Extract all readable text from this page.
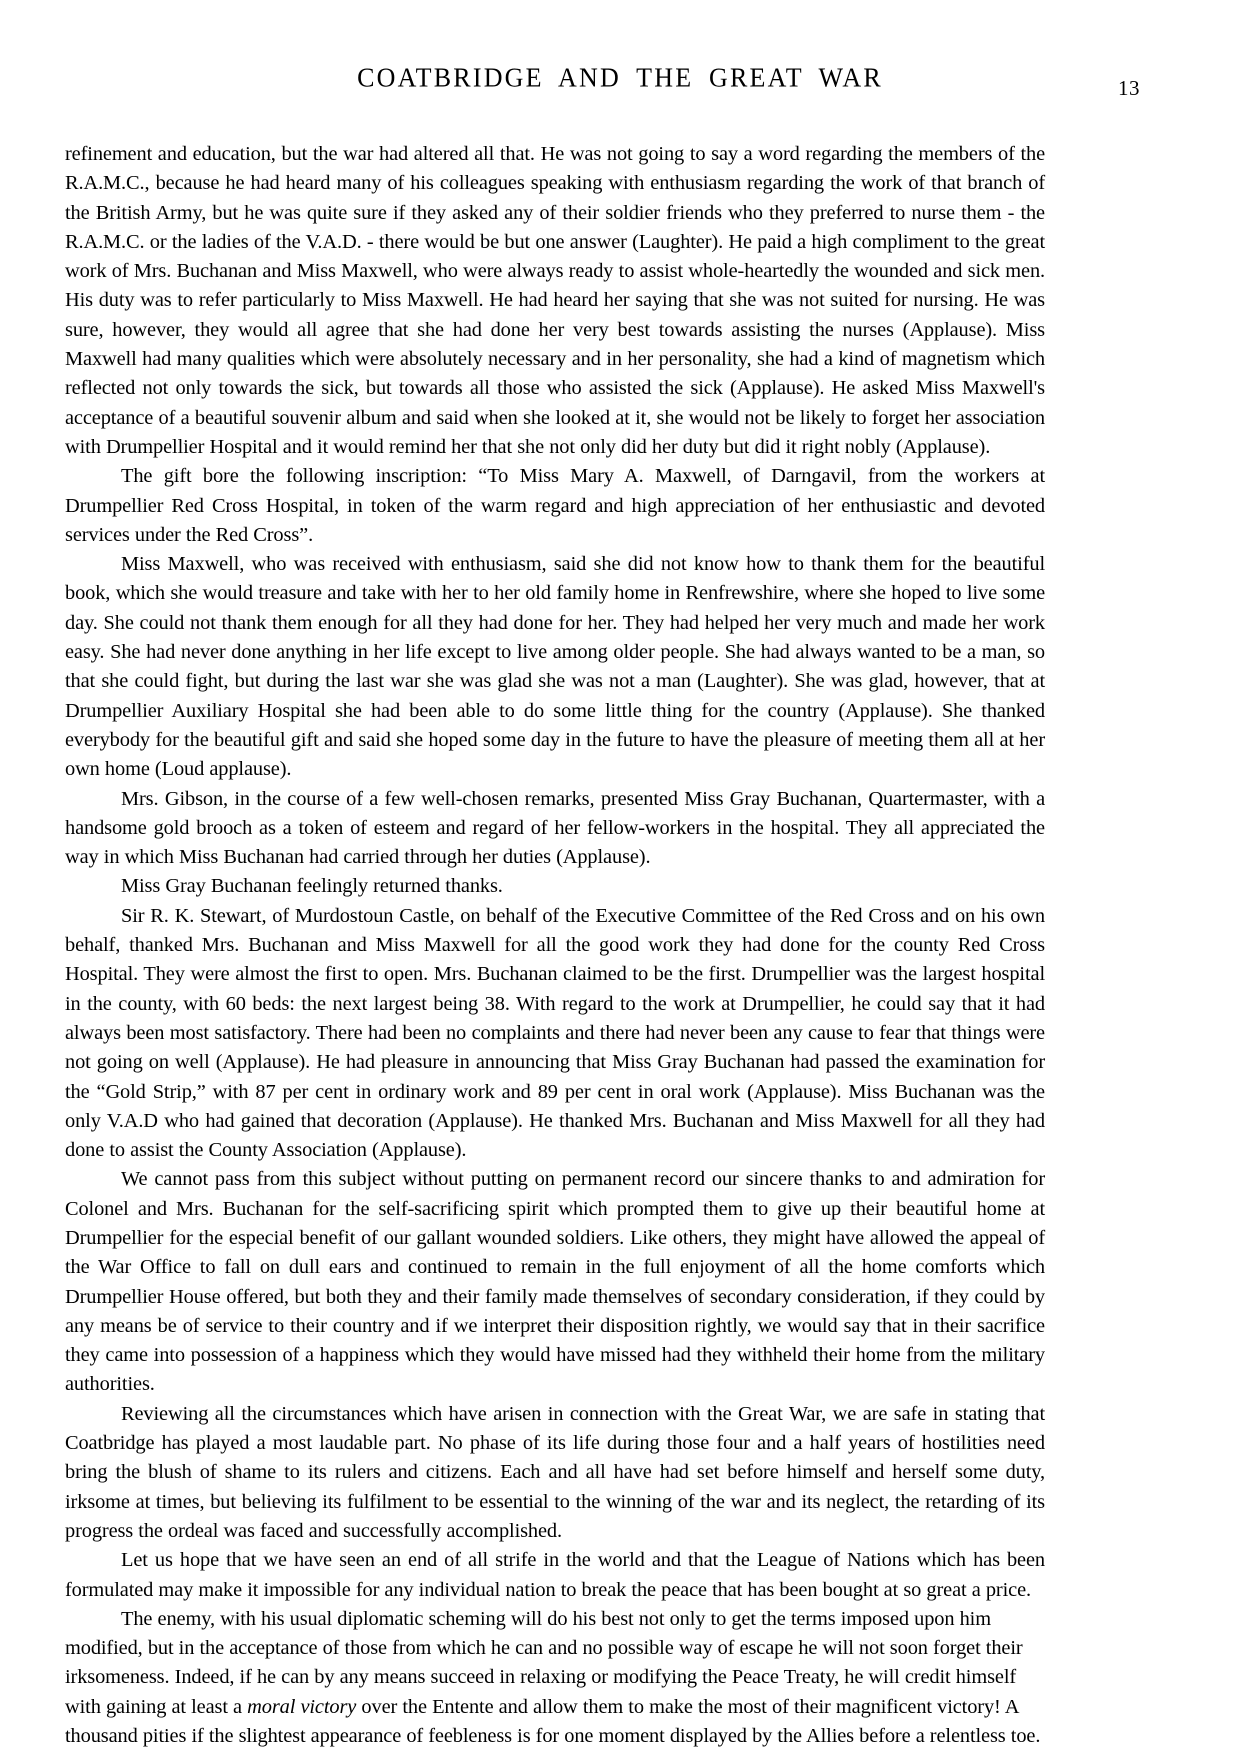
COATBRIDGE AND THE GREAT WAR	13

refinement and education, but the war had altered all that. He was not going to say a word regarding the members of the R.A.M.C., because he had heard many of his colleagues speaking with enthusiasm regarding the work of that branch of the British Army, but he was quite sure if they asked any of their soldier friends who they preferred to nurse them - the R.A.M.C. or the ladies of the V.A.D. - there would be but one answer (Laughter). He paid a high compliment to the great work of Mrs. Buchanan and Miss Maxwell, who were always ready to assist whole-heartedly the wounded and sick men. His duty was to refer particularly to Miss Maxwell. He had heard her saying that she was not suited for nursing. He was sure, however, they would all agree that she had done her very best towards assisting the nurses (Applause). Miss Maxwell had many qualities which were absolutely necessary and in her personality, she had a kind of magnetism which reflected not only towards the sick, but towards all those who assisted the sick (Applause). He asked Miss Maxwell's acceptance of a beautiful souvenir album and said when she looked at it, she would not be likely to forget her association with Drumpellier Hospital and it would remind her that she not only did her duty but did it right nobly (Applause).

The gift bore the following inscription: “To Miss Mary A. Maxwell, of Darngavil, from the workers at Drumpellier Red Cross Hospital, in token of the warm regard and high appreciation of her enthusiastic and devoted services under the Red Cross”.

Miss Maxwell, who was received with enthusiasm, said she did not know how to thank them for the beautiful book, which she would treasure and take with her to her old family home in Renfrewshire, where she hoped to live some day. She could not thank them enough for all they had done for her. They had helped her very much and made her work easy. She had never done anything in her life except to live among older people. She had always wanted to be a man, so that she could fight, but during the last war she was glad she was not a man (Laughter). She was glad, however, that at Drumpellier Auxiliary Hospital she had been able to do some little thing for the country (Applause). She thanked everybody for the beautiful gift and said she hoped some day in the future to have the pleasure of meeting them all at her own home (Loud applause).

Mrs. Gibson, in the course of a few well-chosen remarks, presented Miss Gray Buchanan, Quartermaster, with a handsome gold brooch as a token of esteem and regard of her fellow-workers in the hospital. They all appreciated the way in which Miss Buchanan had carried through her duties (Applause).

Miss Gray Buchanan feelingly returned thanks.

Sir R. K. Stewart, of Murdostoun Castle, on behalf of the Executive Committee of the Red Cross and on his own behalf, thanked Mrs. Buchanan and Miss Maxwell for all the good work they had done for the county Red Cross Hospital. They were almost the first to open. Mrs. Buchanan claimed to be the first. Drumpellier was the largest hospital in the county, with 60 beds: the next largest being 38. With regard to the work at Drumpellier, he could say that it had always been most satisfactory. There had been no complaints and there had never been any cause to fear that things were not going on well (Applause). He had pleasure in announcing that Miss Gray Buchanan had passed the examination for the “Gold Strip,” with 87 per cent in ordinary work and 89 per cent in oral work (Applause). Miss Buchanan was the only V.A.D who had gained that decoration (Applause). He thanked Mrs. Buchanan and Miss Maxwell for all they had done to assist the County Association (Applause).

We cannot pass from this subject without putting on permanent record our sincere thanks to and admiration for Colonel and Mrs. Buchanan for the self-sacrificing spirit which prompted them to give up their beautiful home at Drumpellier for the especial benefit of our gallant wounded soldiers. Like others, they might have allowed the appeal of the War Office to fall on dull ears and continued to remain in the full enjoyment of all the home comforts which Drumpellier House offered, but both they and their family made themselves of secondary consideration, if they could by any means be of service to their country and if we interpret their disposition rightly, we would say that in their sacrifice they came into possession of a happiness which they would have missed had they withheld their home from the military authorities.

Reviewing all the circumstances which have arisen in connection with the Great War, we are safe in stating that Coatbridge has played a most laudable part. No phase of its life during those four and a half years of hostilities need bring the blush of shame to its rulers and citizens. Each and all have had set before himself and herself some duty, irksome at times, but believing its fulfilment to be essential to the winning of the war and its neglect, the retarding of its progress the ordeal was faced and successfully accomplished.

Let us hope that we have seen an end of all strife in the world and that the League of Nations which has been formulated may make it impossible for any individual nation to break the peace that has been bought at so great a price.

The enemy, with his usual diplomatic scheming will do his best not only to get the terms imposed upon him modified, but in the acceptance of those from which he can and no possible way of escape he will not soon forget their irksomeness. Indeed, if he can by any means succeed in relaxing or modifying the Peace Treaty, he will credit himself with gaining at least a moral victory over the Entente and allow them to make the most of their magnificent victory! A thousand pities if the slightest appearance of feebleness is for one moment displayed by the Allies before a relentless toe.
